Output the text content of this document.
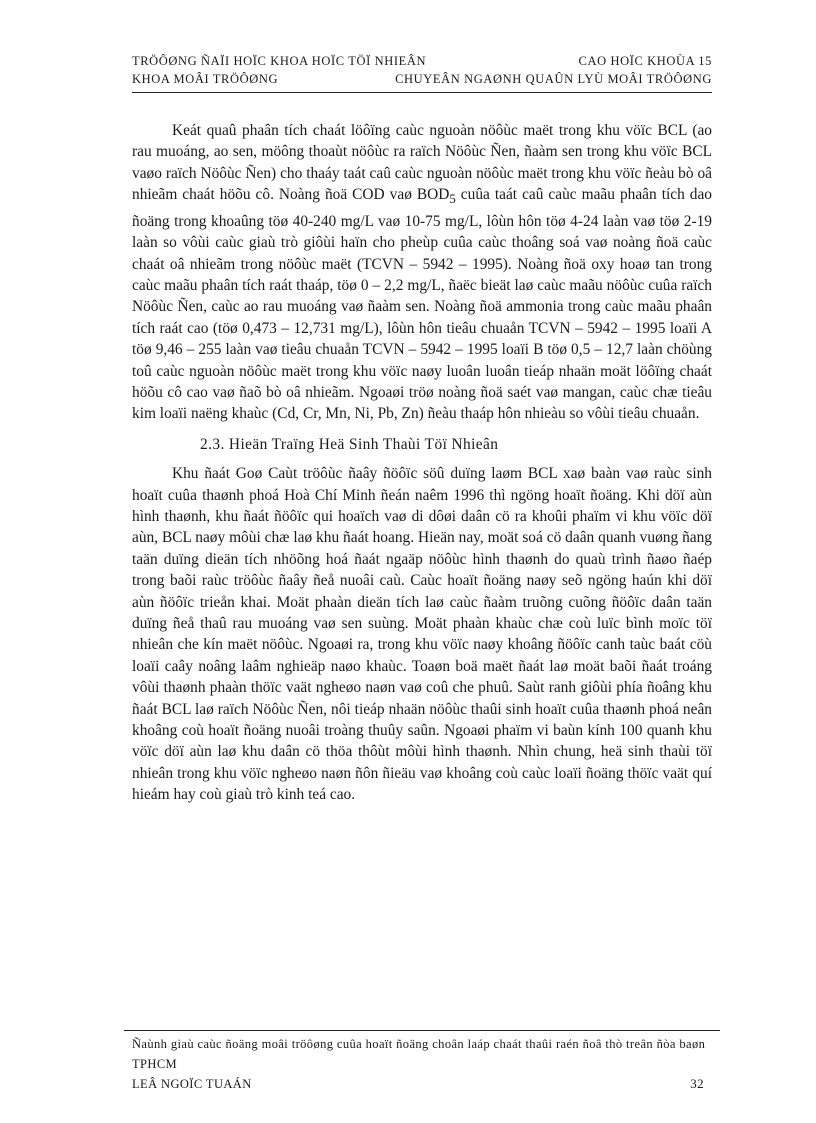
TRÖÔØNG ÑAÏI HOÏC KHOA HOÏC TÖÏ NHIEÂN	CAO HOÏC KHOÙA 15
KHOA MOÂI TRÖÔØNG	CHUYEÂN NGAØNH QUAÛN LYÙ MOÂI TRÖÔØNG

Keát quaû phaân tích chaát löôïng caùc nguoàn nöôùc maët trong khu vöïc BCL (ao rau muoáng, ao sen, möông thoaùt nöôùc ra raïch Nöôùc Ñen, ñaàm sen trong khu vöïc BCL vaøo raïch Nöôùc Ñen) cho thaáy taát caû caùc nguoàn nöôùc maët trong khu vöïc ñeàu bò oâ nhieãm chaát höõu cô. Noàng ñoä COD vaø $BOD_5$ cuûa taát caû caùc maãu phaân tích dao ñoäng trong khoaûng töø 40-240 mg/L vaø 10-75 mg/L, lôùn hôn töø 4-24 laàn vaø töø 2-19 laàn so vôùi caùc giaù trò giôùi haïn cho pheùp cuûa caùc thoâng soá vaø noàng ñoä caùc chaát oâ nhieãm trong nöôùc maët (TCVN – 5942 – 1995). Noàng ñoä oxy hoaø tan trong caùc maãu phaân tích raát thaáp, töø 0 – 2,2 mg/L, ñaëc bieät laø caùc maãu nöôùc cuûa raïch Nöôùc Ñen, caùc ao rau muoáng vaø ñaàm sen. Noàng ñoä ammonia trong caùc maãu phaân tích raát cao (töø 0,473 – 12,731 mg/L), lôùn hôn tieâu chuaån TCVN – 5942 – 1995 loaïi A töø 9,46 – 255 laàn vaø tieâu chuaån TCVN – 5942 – 1995 loaïi B töø 0,5 – 12,7 laàn chöùng toû caùc nguoàn nöôùc maët trong khu vöïc naøy luoân luoân tieáp nhaän moät löôïng chaát höõu cô cao vaø ñaõ bò oâ nhieãm. Ngoaøi tröø noàng ñoä saét vaø mangan, caùc chæ tieâu kim loaïi naëng khaùc (Cd, Cr, Mn, Ni, Pb, Zn) ñeàu thaáp hôn nhieàu so vôùi tieâu chuaån.

2.3. Hieän Traïng Heä Sinh Thaùi Töï Nhieân

Khu ñaát Goø Caùt tröôùc ñaây ñöôïc söû duïng laøm BCL xaø baàn vaø raùc sinh hoaït cuûa thaønh phoá Hoà Chí Minh ñeán naêm 1996 thì ngöng hoaït ñoäng. Khi döï aùn hình thaønh, khu ñaát ñöôïc qui hoaïch vaø di dôøi daân cö ra khoûi phaïm vi khu vöïc döï aùn, BCL naøy môùi chæ laø khu ñaát hoang. Hieän nay, moät soá cö daân quanh vuøng ñang taän duïng dieän tích nhöõng hoá ñaát ngaäp nöôùc hình thaønh do quaù trình ñaøo ñaép trong baõi raùc tröôùc ñaây ñeå nuoâi caù. Caùc hoaït ñoäng naøy seõ ngöng haún khi döï aùn ñöôïc trieån khai. Moät phaàn dieän tích laø caùc ñaàm truõng cuõng ñöôïc daân taän duïng ñeå thaû rau muoáng vaø sen suùng. Moät phaàn khaùc chæ coù luïc bình moïc töï nhieân che kín maët nöôùc. Ngoaøi ra, trong khu vöïc naøy khoâng ñöôïc canh taùc baát cöù loaïi caây noâng laâm nghieäp naøo khaùc. Toaøn boä maët ñaát laø moät baõi ñaát troáng vôùi thaønh phaàn thöïc vaät ngheøo naøn vaø coû che phuû. Saùt ranh giôùi phía ñoâng khu ñaát BCL laø raïch Nöôùc Ñen, nôi tieáp nhaän nöôùc thaûi sinh hoaït cuûa thaønh phoá neân khoâng coù hoaït ñoäng nuoâi troàng thuûy saûn. Ngoaøi phaïm vi baùn kính 100 quanh khu vöïc döï aùn laø khu daân cö thöa thôùt môùi hình thaønh. Nhìn chung, heä sinh thaùi töï nhieân trong khu vöïc ngheøo naøn ñôn ñieäu vaø khoâng coù caùc loaïi ñoäng thöïc vaät quí hieám hay coù giaù trò kinh teá cao.

Ñaùnh giaù caùc ñoäng moâi tröôøng cuûa hoaït ñoäng choân laáp chaát thaûi raén ñoâ thò treân ñòa baøn TPHCM
LEÂ NGOÏC TUAÁN	32
